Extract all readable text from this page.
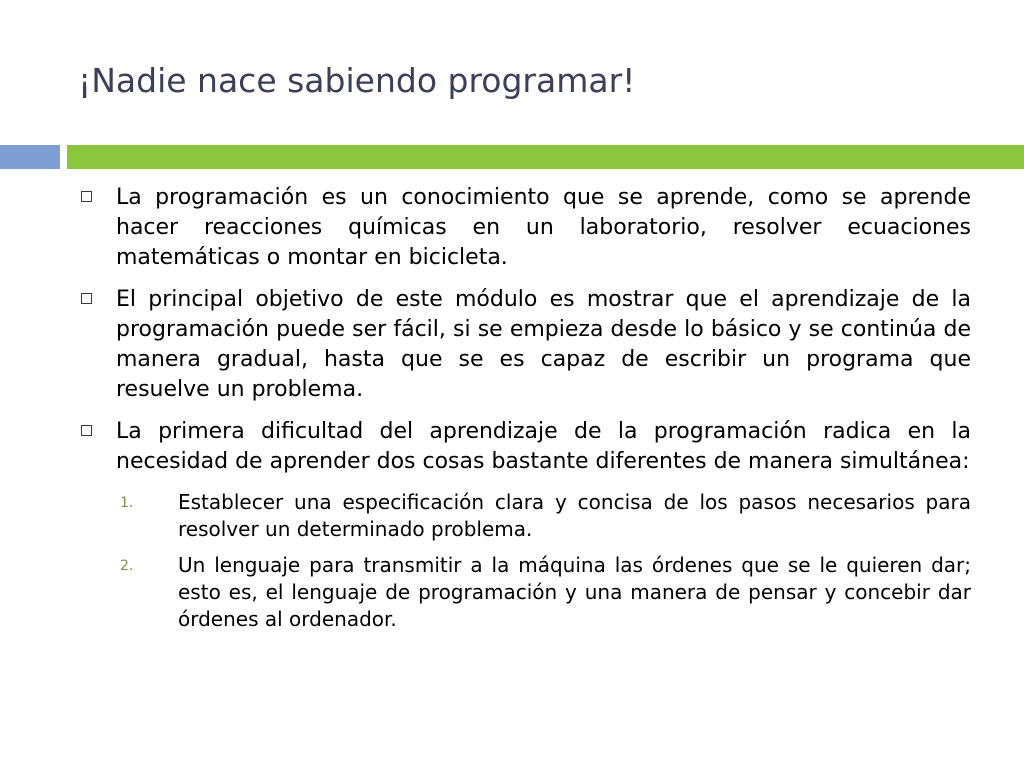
¡Nadie nace sabiendo programar!
La programación es un conocimiento que se aprende, como se aprende hacer reacciones químicas en un laboratorio, resolver ecuaciones matemáticas o montar en bicicleta.
El principal objetivo de este módulo es mostrar que el aprendizaje de la programación puede ser fácil, si se empieza desde lo básico y se continúa de manera gradual, hasta que se es capaz de escribir un programa que resuelve un problema.
La primera dificultad del aprendizaje de la programación radica en la necesidad de aprender dos cosas bastante diferentes de manera simultánea:
1. Establecer una especificación clara y concisa de los pasos necesarios para resolver un determinado problema.
2. Un lenguaje para transmitir a la máquina las órdenes que se le quieren dar; esto es, el lenguaje de programación y una manera de pensar y concebir dar órdenes al ordenador.
